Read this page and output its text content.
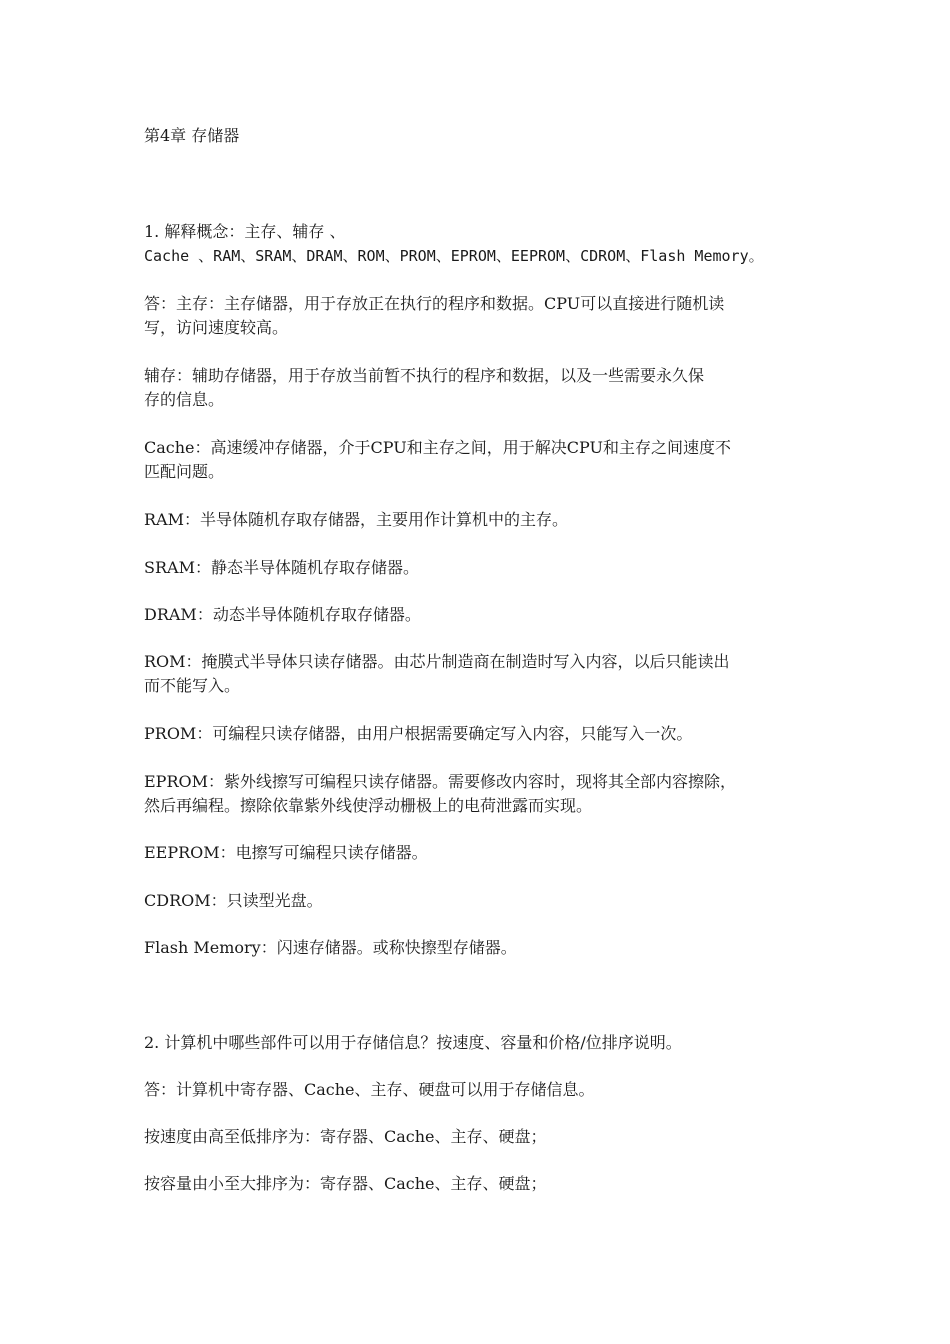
第4章 存储器
1. 解释概念：主存、辅存 、
Cache 、RAM、SRAM、DRAM、ROM、PROM、EPROM、EEPROM、CDROM、Flash Memory。
答：主存：主存储器，用于存放正在执行的程序和数据。CPU可以直接进行随机读
写，访问速度较高。
辅存：辅助存储器，用于存放当前暂不执行的程序和数据，以及一些需要永久保
存的信息。
Cache：高速缓冲存储器，介于CPU和主存之间，用于解决CPU和主存之间速度不
匹配问题。
RAM：半导体随机存取存储器，主要用作计算机中的主存。
SRAM：静态半导体随机存取存储器。
DRAM：动态半导体随机存取存储器。
ROM：掩膜式半导体只读存储器。由芯片制造商在制造时写入内容，以后只能读出
而不能写入。
PROM：可编程只读存储器，由用户根据需要确定写入内容，只能写入一次。
EPROM：紫外线擦写可编程只读存储器。需要修改内容时，现将其全部内容擦除，
然后再编程。擦除依靠紫外线使浮动栅极上的电荷泄露而实现。
EEPROM：电擦写可编程只读存储器。
CDROM：只读型光盘。
Flash Memory：闪速存储器。或称快擦型存储器。
2. 计算机中哪些部件可以用于存储信息？按速度、容量和价格/位排序说明。
答：计算机中寄存器、Cache、主存、硬盘可以用于存储信息。
按速度由高至低排序为：寄存器、Cache、主存、硬盘；
按容量由小至大排序为：寄存器、Cache、主存、硬盘；
